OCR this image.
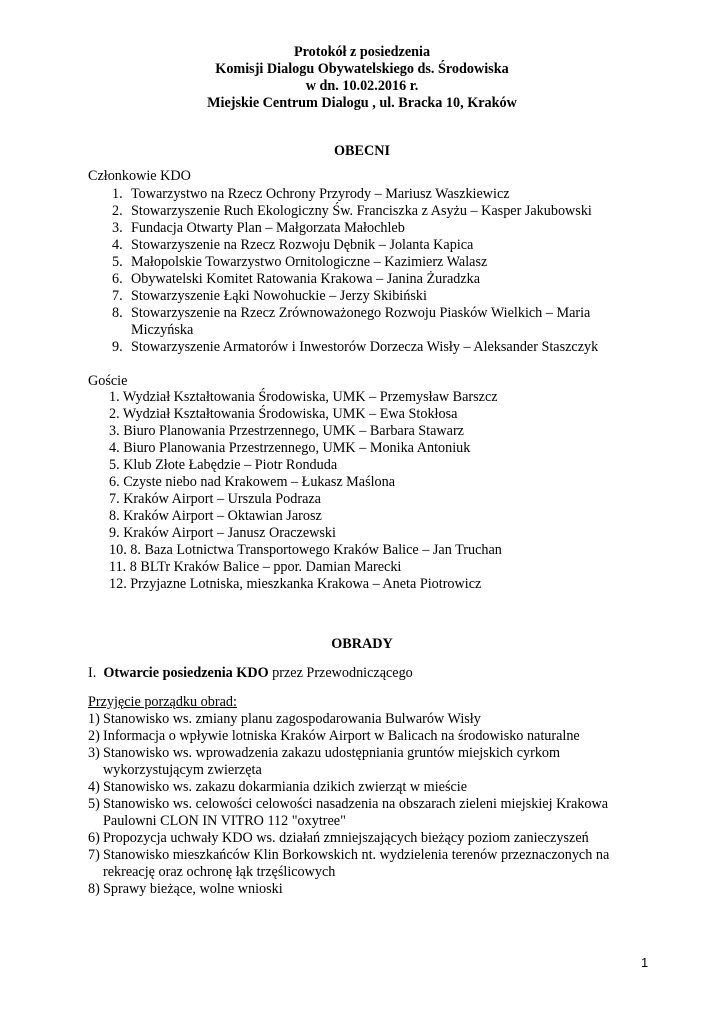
Protokół z posiedzenia
Komisji Dialogu Obywatelskiego ds. Środowiska
w dn. 10.02.2016 r.
Miejskie Centrum Dialogu , ul. Bracka 10, Kraków
OBECNI
Członkowie KDO
1. Towarzystwo na Rzecz Ochrony Przyrody – Mariusz Waszkiewicz
2. Stowarzyszenie Ruch Ekologiczny Św. Franciszka z Asyżu – Kasper Jakubowski
3. Fundacja Otwarty Plan – Małgorzata Małochleb
4. Stowarzyszenie na Rzecz Rozwoju Dębnik – Jolanta Kapica
5. Małopolskie Towarzystwo Ornitologiczne – Kazimierz Walasz
6. Obywatelski Komitet Ratowania Krakowa – Janina Żuradzka
7. Stowarzyszenie Łąki Nowohuckie – Jerzy Skibiński
8. Stowarzyszenie na Rzecz Zrównoważonego Rozwoju Piasków Wielkich – Maria
Miczyńska
9. Stowarzyszenie Armatorów i Inwestorów Dorzecza Wisły – Aleksander Staszczyk
Goście
1. Wydział Kształtowania Środowiska, UMK – Przemysław Barszcz
2. Wydział Kształtowania Środowiska, UMK – Ewa Stokłosa
3. Biuro Planowania Przestrzennego, UMK – Barbara Stawarz
4. Biuro Planowania Przestrzennego, UMK – Monika Antoniuk
5. Klub Złote Łabędzie – Piotr Ronduda
6. Czyste niebo nad Krakowem – Łukasz Maślona
7. Kraków Airport – Urszula Podraza
8. Kraków Airport – Oktawian Jarosz
9. Kraków Airport – Janusz Oraczewski
10. 8. Baza Lotnictwa Transportowego Kraków Balice – Jan Truchan
11. 8 BLTr Kraków Balice – ppor. Damian Marecki
12. Przyjazne Lotniska, mieszkanka Krakowa – Aneta Piotrowicz
OBRADY
I. Otwarcie posiedzenia KDO przez Przewodniczącego
Przyjęcie porządku obrad:
1) Stanowisko ws. zmiany planu zagospodarowania Bulwarów Wisły
2) Informacja o wpływie lotniska Kraków Airport w Balicach na środowisko naturalne
3) Stanowisko ws. wprowadzenia zakazu udostępniania gruntów miejskich cyrkom
wykorzystującym zwierzęta
4) Stanowisko ws. zakazu dokarmiania dzikich zwierząt w mieście
5) Stanowisko ws. celowości celowości nasadzenia na obszarach zieleni miejskiej Krakowa
Paulowni CLON IN VITRO 112 "oxytree"
6) Propozycja uchwały KDO ws. działań zmniejszających bieżący poziom zanieczyszeń
7) Stanowisko mieszkańców Klin Borkowskich nt. wydzielenia terenów przeznaczonych na
rekreację oraz ochronę łąk trzęślicowych
8) Sprawy bieżące, wolne wnioski
1
